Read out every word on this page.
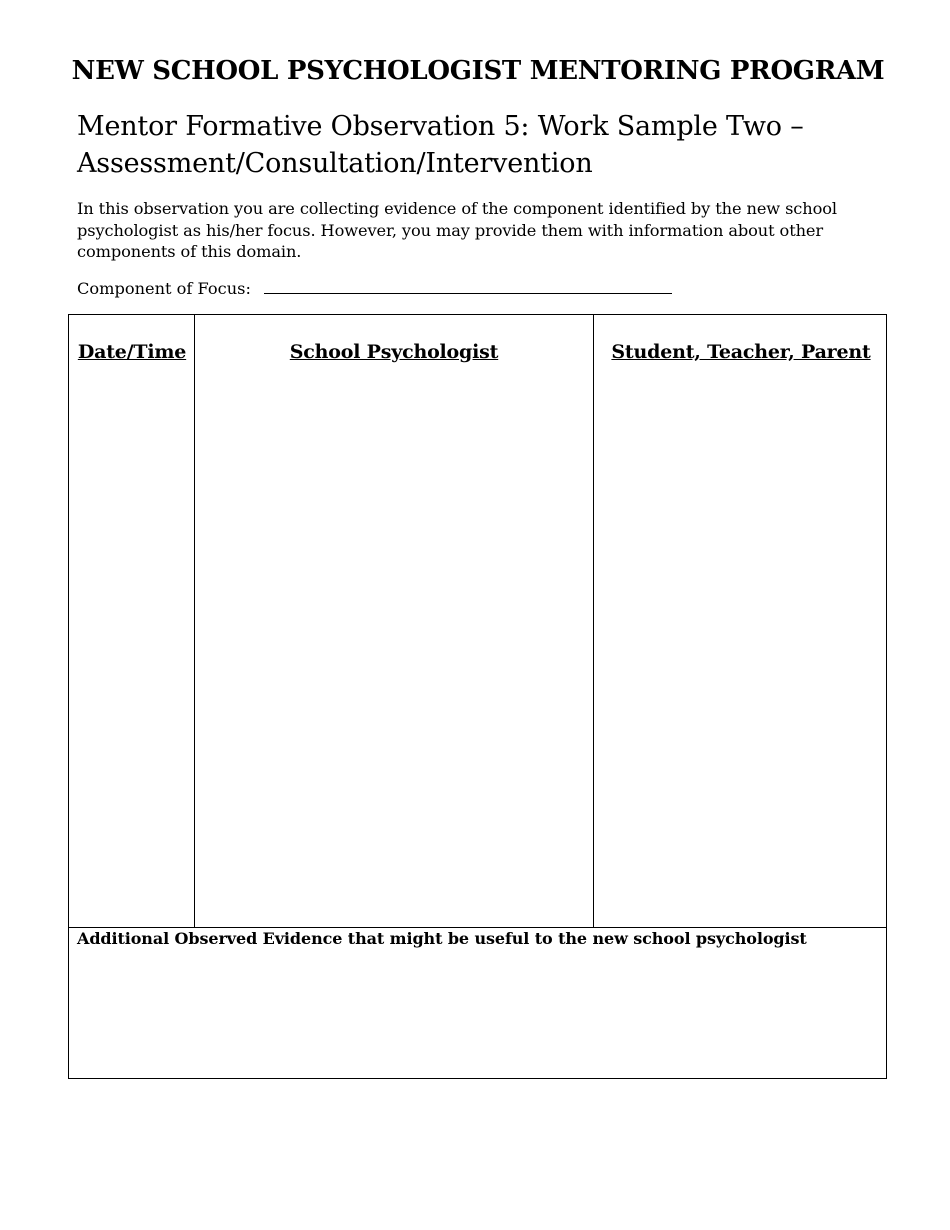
NEW SCHOOL PSYCHOLOGIST MENTORING PROGRAM
Mentor Formative Observation 5: Work Sample Two – Assessment/Consultation/Intervention
In this observation you are collecting evidence of the component identified by the new school psychologist as his/her focus. However, you may provide them with information about other components of this domain.
Component of Focus:
Date/Time	School Psychologist	Student, Teacher, Parent
Additional Observed Evidence that might be useful to the new school psychologist
